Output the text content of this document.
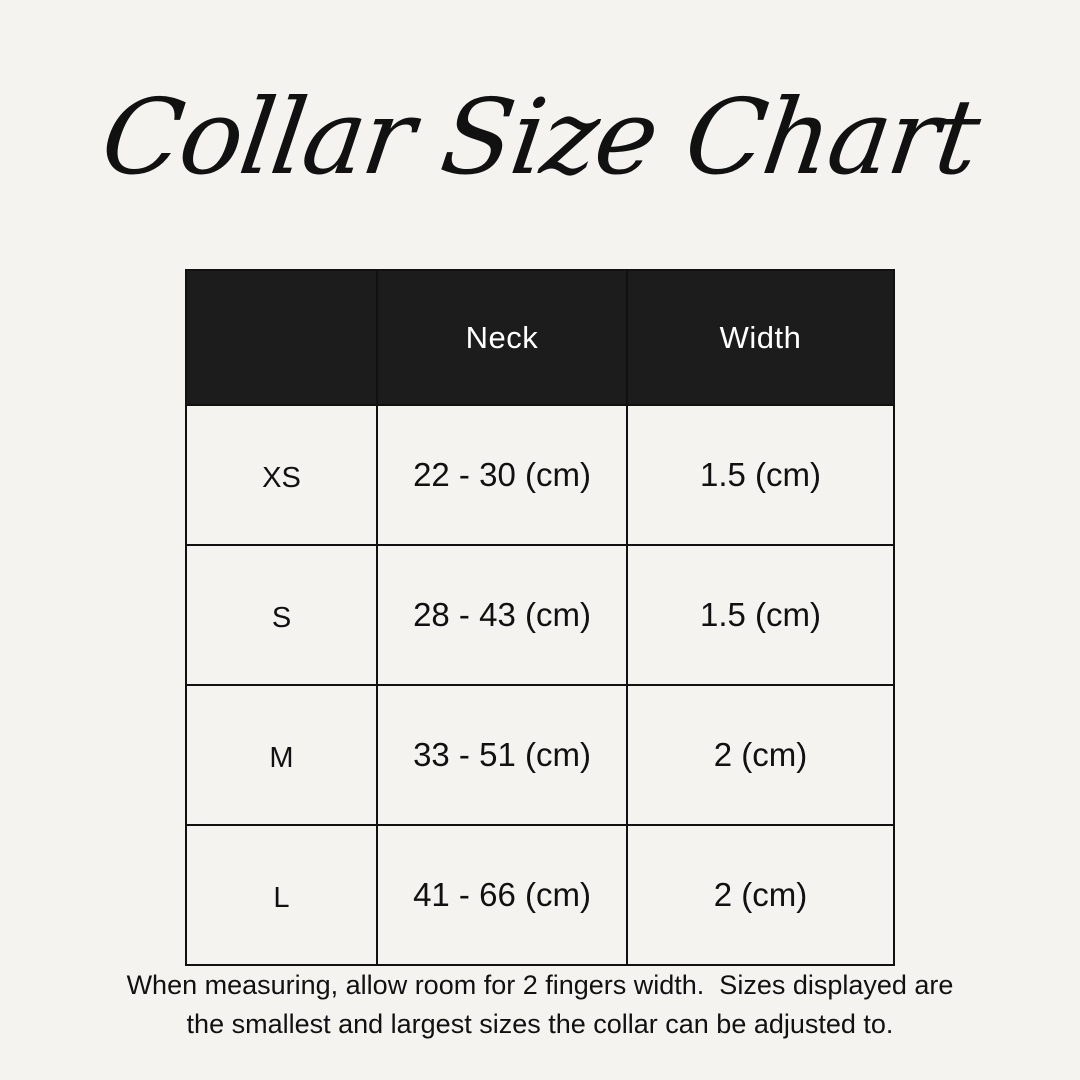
Collar Size Chart
	Neck	Width
XS	22 - 30 (cm)	1.5 (cm)
S	28 - 43 (cm)	1.5 (cm)
M	33 - 51 (cm)	2 (cm)
L	41 - 66 (cm)	2 (cm)
When measuring, allow room for 2 fingers width.  Sizes displayed are
the smallest and largest sizes the collar can be adjusted to.
